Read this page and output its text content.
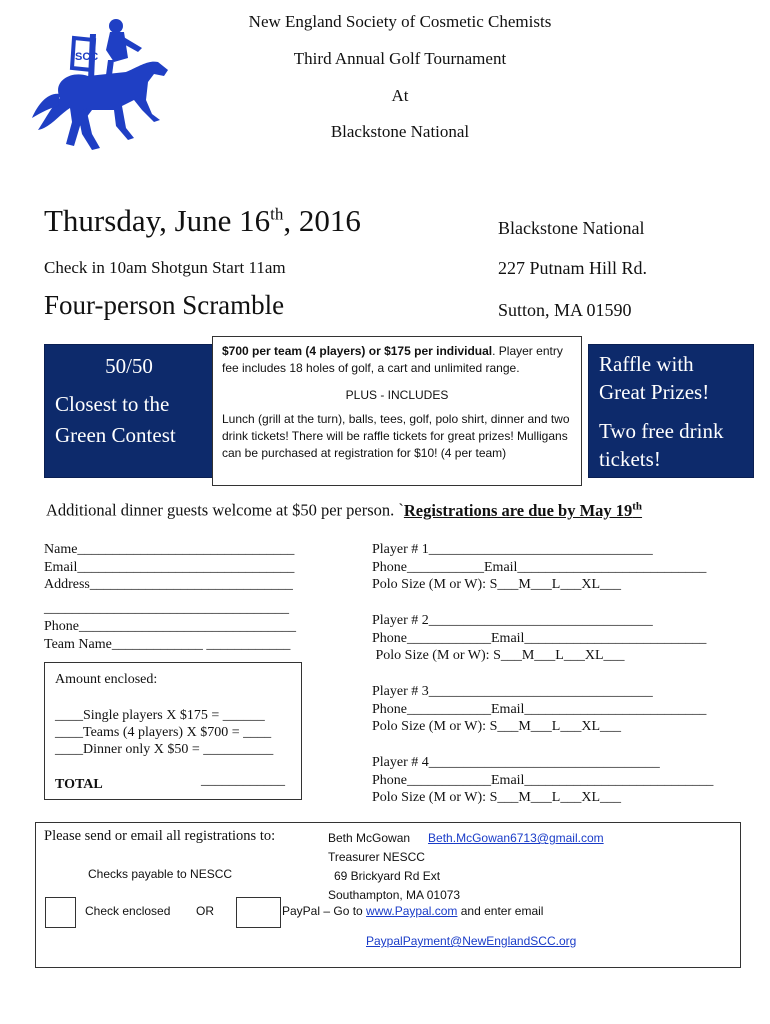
New England Society of Cosmetic Chemists
Third Annual Golf Tournament
At
Blackstone National
SCC
Thursday, June 16th, 2016
Check in 10am Shotgun Start 11am
Four-person Scramble
Blackstone National
227 Putnam Hill Rd.
Sutton, MA 01590
50/50
Closest to the
Green Contest
$700 per team (4 players) or $175 per individual. Player entry fee includes 18 holes of golf, a cart and unlimited range.
PLUS - INCLUDES
Lunch (grill at the turn), balls, tees, golf, polo shirt, dinner and two drink tickets! There will be raffle tickets for great prizes! Mulligans can be purchased at registration for $10! (4 per team)
Raffle with
Great Prizes!
Two free drink
tickets!
Additional dinner guests welcome at $50 per person. `Registrations are due by May 19th
Name_______________________________
Email_______________________________
Address_____________________________
___________________________________
Phone_______________________________
Team Name_____________ ____________
Amount enclosed:
____Single players X $175 = ______
____Teams (4 players) X $700 = ____
____Dinner only X $50 = __________
TOTAL	____________
Player # 1________________________________
Phone___________Email___________________________
Polo Size (M or W): S___M___L___XL___
Player # 2________________________________
Phone____________Email__________________________
Polo Size (M or W): S___M___L___XL___
Player # 3________________________________
Phone____________Email__________________________
Polo Size (M or W): S___M___L___XL___
Player # 4_________________________________
Phone____________Email___________________________
Polo Size (M or W): S___M___L___XL___
Please send or email all registrations to:
Checks payable to NESCC
Check enclosed OR
Beth McGowan Beth.McGowan6713@gmail.com
Treasurer NESCC
69 Brickyard Rd Ext
Southampton, MA 01073
PayPal – Go to www.Paypal.com and enter email
PaypalPayment@NewEnglandSCC.org
